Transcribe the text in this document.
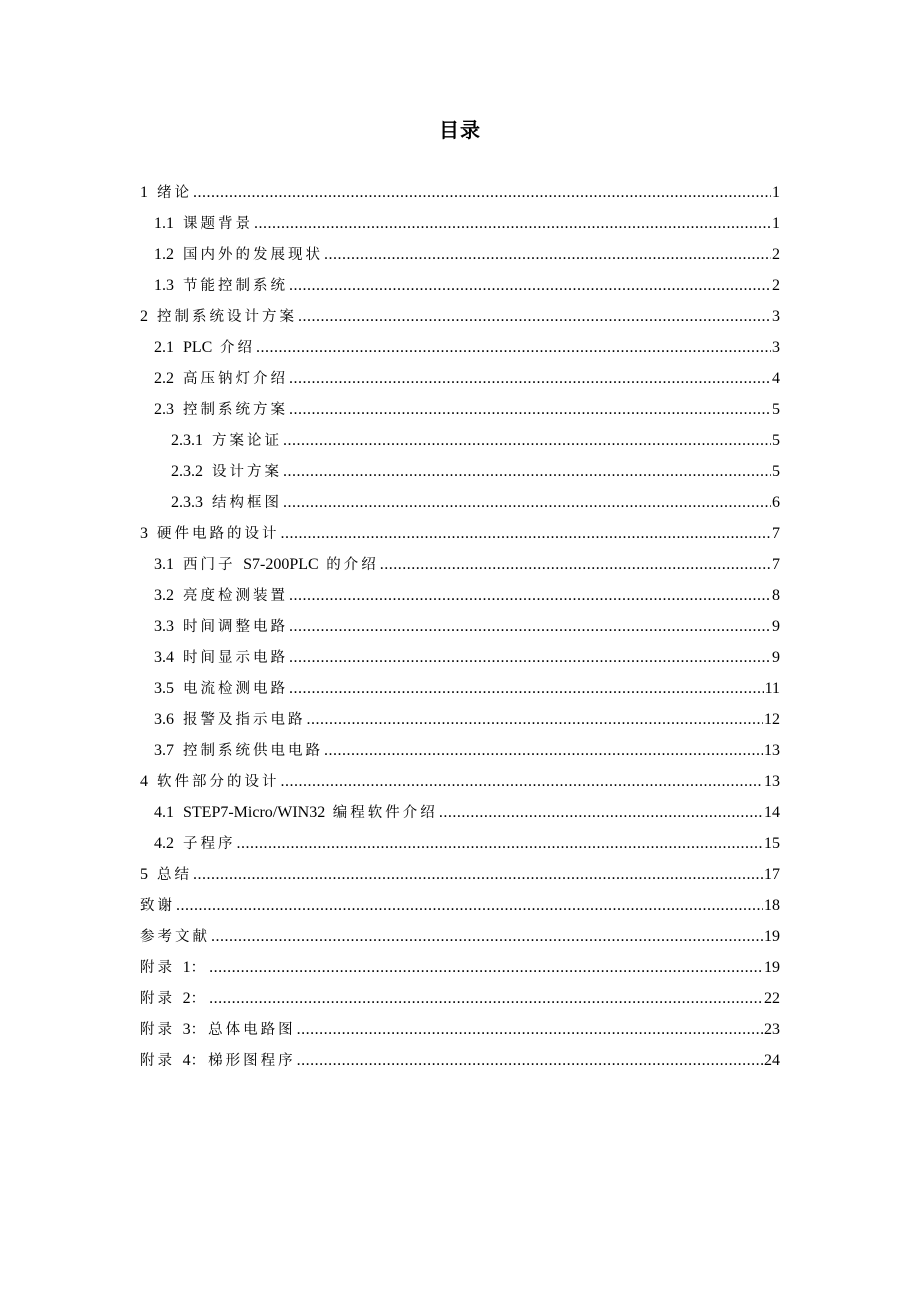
目录
1 绪论 .....	1
1.1 课题背景 .....	1
1.2 国内外的发展现状 .....	2
1.3 节能控制系统 .....	2
2 控制系统设计方案 .....	3
2.1 PLC 介绍 .....	3
2.2 高压钠灯介绍 .....	4
2.3 控制系统方案 .....	5
2.3.1 方案论证 .....	5
2.3.2 设计方案 .....	5
2.3.3 结构框图 .....	6
3 硬件电路的设计 .....	7
3.1 西门子 S7-200PLC 的介绍 .....	7
3.2 亮度检测装置 .....	8
3.3 时间调整电路 .....	9
3.4 时间显示电路 .....	9
3.5 电流检测电路 .....	11
3.6 报警及指示电路 .....	12
3.7 控制系统供电电路 .....	13
4 软件部分的设计 .....	13
4.1 STEP7-Micro/WIN32 编程软件介绍 .....	14
4.2 子程序 .....	15
5 总结 .....	17
致谢 .....	18
参考文献 .....	19
附录 1： .....	19
附录 2： .....	22
附录 3：总体电路图 .....	23
附录 4：梯形图程序 .....	24
